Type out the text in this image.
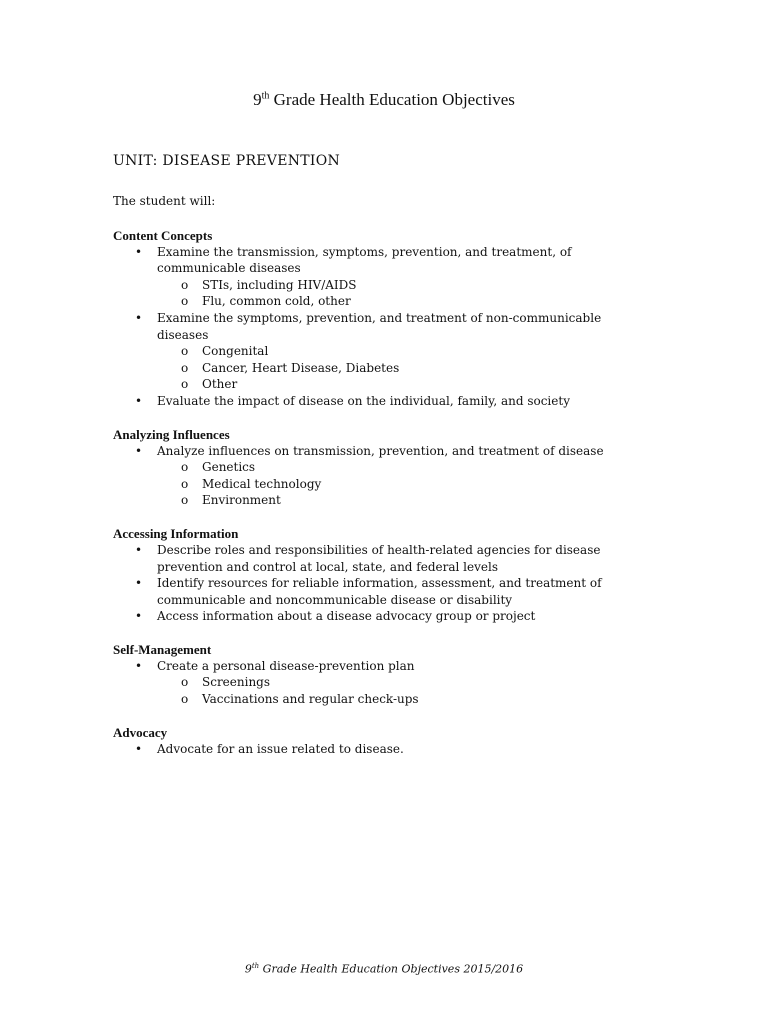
9th Grade Health Education Objectives
UNIT: DISEASE PREVENTION

The student will:

Content Concepts
• Examine the transmission, symptoms, prevention, and treatment, of communicable diseases
o STIs, including HIV/AIDS
o Flu, common cold, other
• Examine the symptoms, prevention, and treatment of non-communicable diseases
o Congenital
o Cancer, Heart Disease, Diabetes
o Other
• Evaluate the impact of disease on the individual, family, and society
Analyzing Influences
• Analyze influences on transmission, prevention, and treatment of disease
o Genetics
o Medical technology
o Environment
Accessing Information
• Describe roles and responsibilities of health-related agencies for disease prevention and control at local, state, and federal levels
• Identify resources for reliable information, assessment, and treatment of communicable and noncommunicable disease or disability
• Access information about a disease advocacy group or project
Self-Management
• Create a personal disease-prevention plan
o Screenings
o Vaccinations and regular check-ups
Advocacy
• Advocate for an issue related to disease.
9th Grade Health Education Objectives 2015/2016
